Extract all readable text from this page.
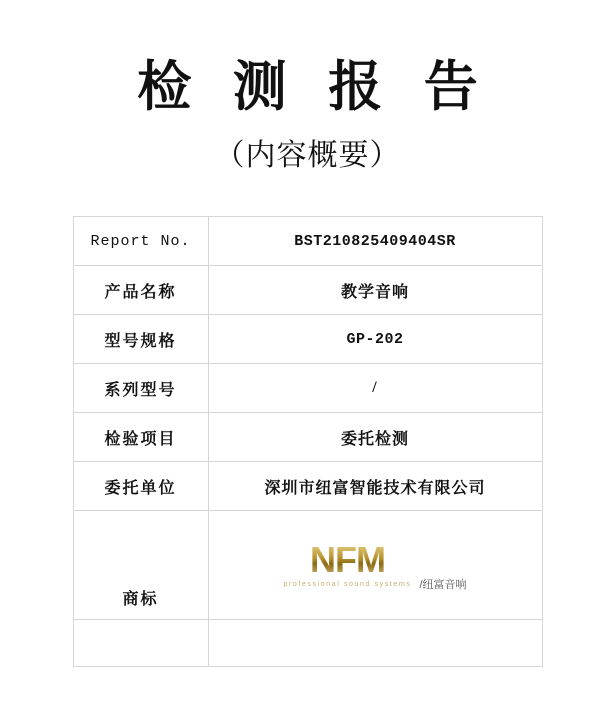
检 测 报 告
（内容概要）
Report No.	BST210825409404SR
产品名称	教学音响
型号规格	GP-202
系列型号	/
检验项目	委托检测
委托单位	深圳市纽富智能技术有限公司
商标	NFM
professional sound systems /纽富音响
